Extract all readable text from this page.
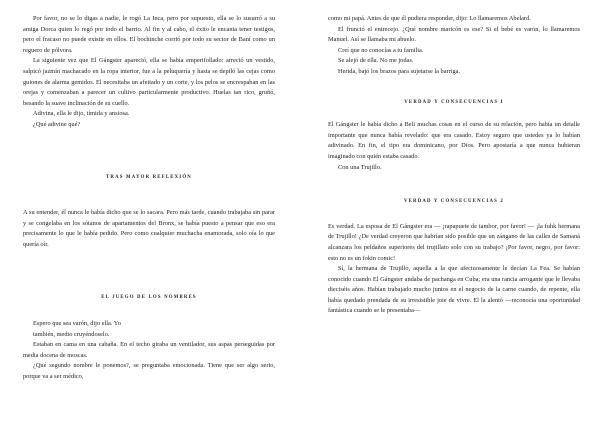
Por favor, no se lo digas a nadie, le rogó La Inca, pero por supuesto, ella se lo susurró a su amiga Dorca quien lo regó por todo el barrio. Al fin y al cabo, el éxito le encanta tener testigos, pero el fracaso no puede existir en ellos. El bochinche corrió por todo su sector de Baní como un reguero de pólvora.

La siguiente vez que El Gángster apareció, ella se había emperifollado: arreció un vestido, salpicó jazmín machacado en la ropa interior, fue a la peluquería y hasta se depiló las cejas como guiones de alarma gemidos. El necesitaba un afeitado y un corte, y los pelos se encrespaban en las orejas y comenzaban a parecer un cultivo particularmente productivo. Huelas tan rico, gruñó, besando la suave inclinación de su cuello.

Adivina, ella le dijo, tímida y ansiosa.

¿Qué adivine qué?

TRAS MAYOR REFLEXIÓN

A su entender, él nunca le había dicho que se lo sacara. Pero más tarde, cuando trabajaba sin parar y se congelaba en los sótanos de apartamentos del Bronx, se había puesto a pensar que eso era precisamente lo que le había pedido. Pero como cualquier muchacha enamorada, solo oía lo que quería oír.

EL JUEGO DE LOS NOMBRES

Espero que sea varón, dijo ella. Yo

también, medio cruyéndoselo.

Estaban en cama en una cabaña. En el techo giraba un ventilador, sus aspas perseguidas por media docena de moscas.

¿Qué segundo nombre le ponemos?, se preguntaba emocionada. Tiene que ser algo serio, porque va a ser médico,

como mi papá. Antes de que él pudiera responder, dijo: Lo llamaremos Abelard.

El frunció el entrecejo. ¿Qué nombre maricón es ese? Si el bebé es varón, lo llamaremos Manuel. Así se llamaba mi abuelo.

Creí que no conocías a tu familia.

Se alejó de ella. No me jodas.

Herida, bajó los brazos para sujetarse la barriga.

VERDAD Y CONSECUENCIAS I

El Gángster le había dicho a Beli muchas cosas en el curso de su relación, pero había un detalle importante que nunca había revelado: que era casado. Estoy seguro que ustedes ya lo habían adivinado. En fin, el tipo era dominicano, por Dios. Pero apostaría a que nunca hubieran imaginado con quién estaba casado.

Con una Trujillo.

VERDAD Y CONSECUENCIAS 2

Es verdad. La esposa de El Gángster era — ¡rapapuete de tambor, por favor! — ¡la fuhk hermana de Trujillo! ¿De verdad creyeron que habrían sido posible que un zángano de las calles de Samaná alcanzara los peldaños superiores del trujillato solo con su trabajo? ¡Por favor, negro, por favor: esto no es un fokin comic!

Sí, la hermana de Trujillo, aquella a la que afectuosamente le decían La Fea. Se habían conocido cuando El Gángster andaba de pachanga en Cuba; era una rancia arrogante que le llevaba dieciséis años. Habían trabajado mucho juntos en el negocio de la carne cuando, de repente, ella había quedado prendada de su irresistible joie de vivre. El la alentó —reconocía una oportunidad fantástica cuando se le presentaba—
